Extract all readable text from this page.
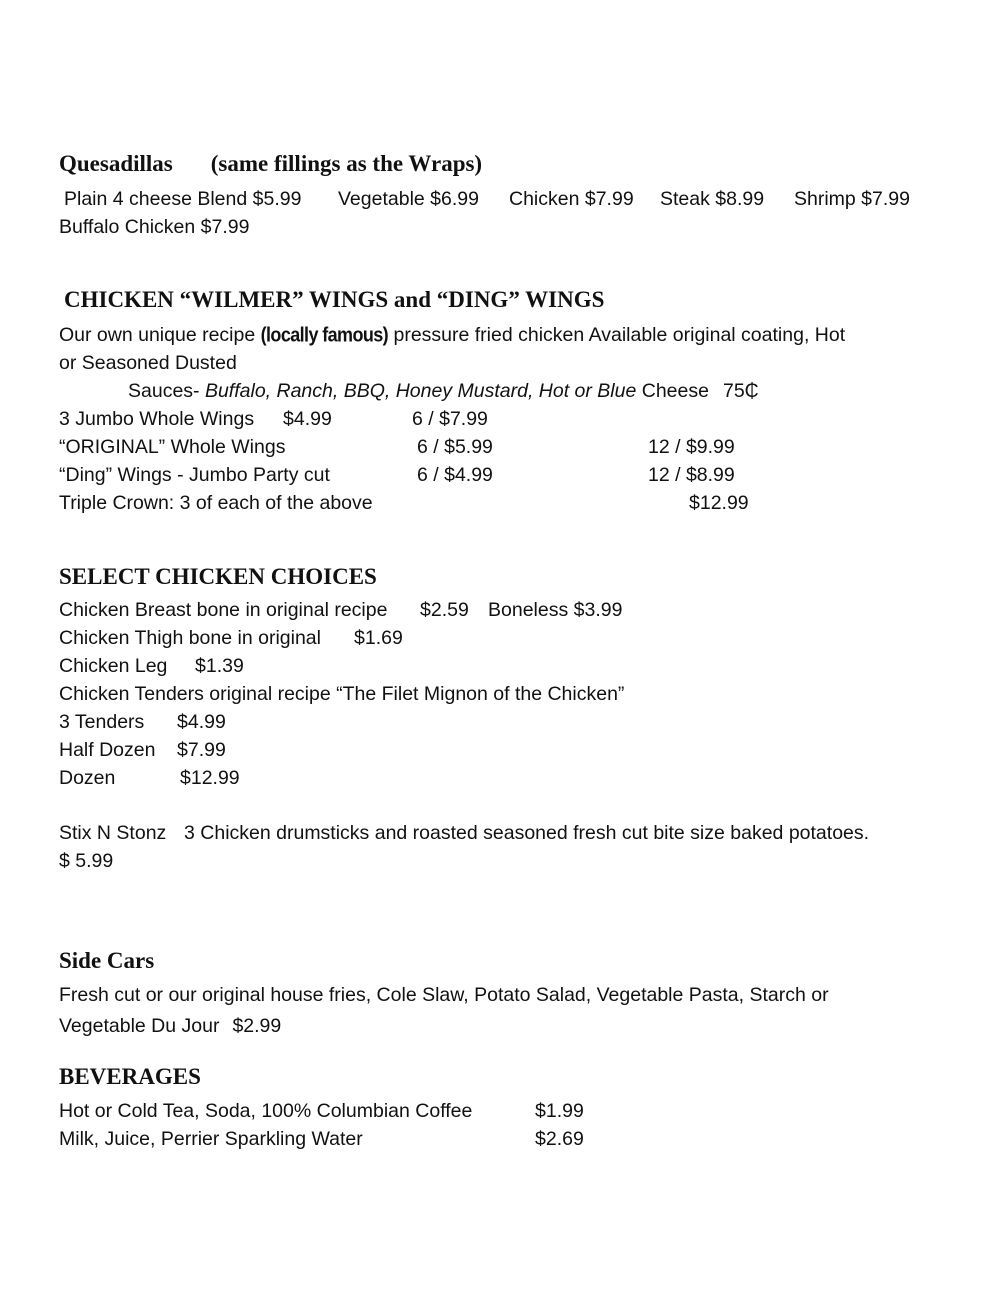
Quesadillas (same fillings as the Wraps)
Plain 4 cheese Blend $5.99 Vegetable $6.99 Chicken $7.99 Steak $8.99 Shrimp $7.99
Buffalo Chicken $7.99
CHICKEN “WILMER” WINGS and “DING” WINGS
Our own unique recipe (locally famous) pressure fried chicken Available original coating, Hot
or Seasoned Dusted
Sauces- Buffalo, Ranch, BBQ, Honey Mustard, Hot or Blue Cheese 75₵
3 Jumbo Whole Wings $4.99	6 / $7.99
“ORIGINAL” Whole Wings	6 / $5.99	12 / $9.99
“Ding” Wings - Jumbo Party cut	6 / $4.99	12 / $8.99
Triple Crown: 3 of each of the above	$12.99
SELECT CHICKEN CHOICES
Chicken Breast bone in original recipe $2.59 Boneless $3.99
Chicken Thigh bone in original $1.69
Chicken Leg $1.39
Chicken Tenders original recipe “The Filet Mignon of the Chicken”
3 Tenders $4.99
Half Dozen $7.99
Dozen	$12.99
Stix N Stonz 3 Chicken drumsticks and roasted seasoned fresh cut bite size baked potatoes.
$ 5.99
Side Cars
Fresh cut or our original house fries, Cole Slaw, Potato Salad, Vegetable Pasta, Starch or
Vegetable Du Jour $2.99
BEVERAGES
Hot or Cold Tea, Soda, 100% Columbian Coffee	$1.99
Milk, Juice, Perrier Sparkling Water	$2.69
